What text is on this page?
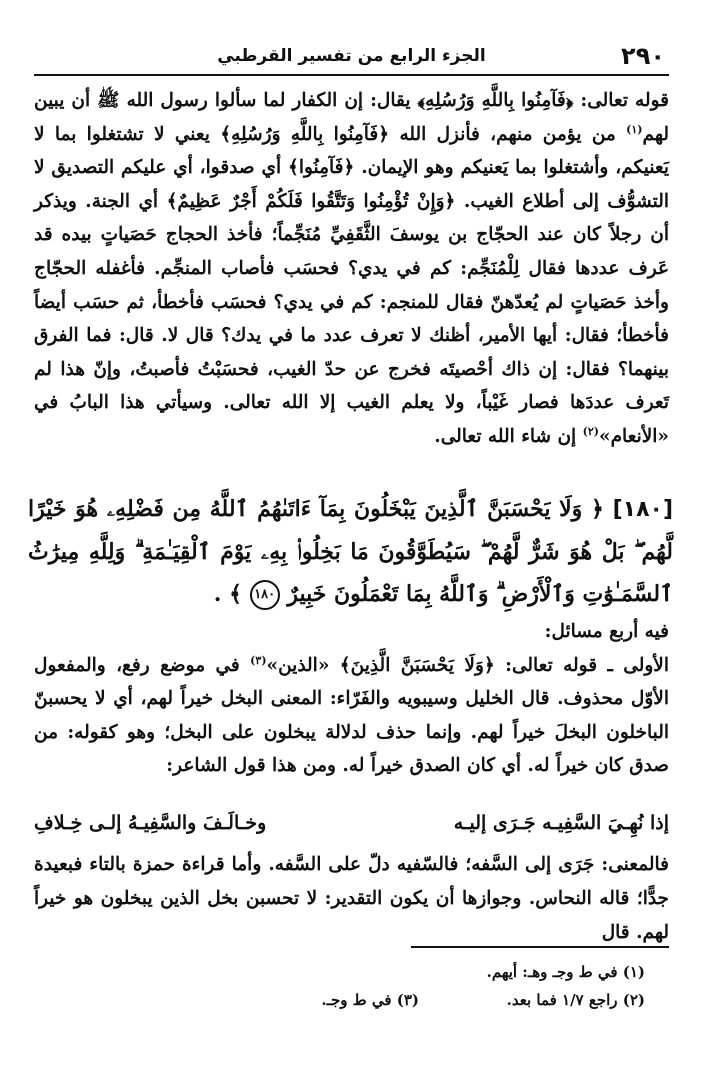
٢٩٠
الجزء الرابع من تفسير القرطبي

قوله تعالى: ﴿فَآمِنُوا بِاللَّهِ وَرُسُلِهِ﴾ يقال: إن الكفار لما سألوا رسول الله ﷺ أن يبين لهم$^{(١)}$ من يؤمن منهم، فأنزل الله ﴿فَآمِنُوا بِاللَّهِ وَرُسُلِهِ﴾ يعني لا تشتغلوا بما لا يَعنيكم، وأشتغلوا بما يَعنيكم وهو الإيمان. ﴿فَآمِنُوا﴾ أي صدقوا، أي عليكم التصديق لا التشوُّف إلى أطلاع الغيب. ﴿وَإِنْ تُؤْمِنُوا وَتَتَّقُوا فَلَكُمْ أَجْرٌ عَظِيمٌ﴾ أي الجنة. ويذكر أن رجلاً كان عند الحجّاج بن يوسفَ الثَّقَفِيِّ مُنَجِّماً؛ فأخذ الحجاج حَصَياتٍ بيده قد عَرف عددها فقال لِلْمُنَجِّم: كم في يدي؟ فحسَب فأصاب المنجِّم. فأغفله الحجّاج وأخذ حَصَياتٍ لم يُعدّهنّ فقال للمنجم: كم في يدي؟ فحسَب فأخطأ، ثم حسَب أيضاً فأخطأ؛ فقال: أيها الأمير، أظنك لا تعرف عدد ما في يدك؟ قال لا. قال: فما الفرق بينهما؟ فقال: إن ذاك أحْصيتَه فخرج عن حدّ الغيب، فحسَبْتُ فأصبتُ، وإنّ هذا لم تَعرف عددَها فصار غَيْباً، ولا يعلم الغيب إلا الله تعالى. وسيأتي هذا البابُ في «الأنعام»$^{(٢)}$ إن شاء الله تعالى.

[١٨٠] ﴿ وَلَا يَحْسَبَنَّ ٱلَّذِينَ يَبْخَلُونَ بِمَآ ءَاتَىٰهُمُ ٱللَّهُ مِن فَضْلِهِۦ هُوَ خَيْرًا لَّهُم ۖ بَلْ هُوَ شَرٌّ لَّهُمْ ۖ سَيُطَوَّقُونَ مَا بَخِلُوا۟ بِهِۦ يَوْمَ ٱلْقِيَـٰمَةِ ۗ وَلِلَّهِ مِيرَٰثُ ٱلسَّمَـٰوَٰتِ وَٱلْأَرْضِ ۗ وَٱللَّهُ بِمَا تَعْمَلُونَ خَبِيرٌ ١٨٠ ﴾ .

فيه أربع مسائل:

الأولى ـ قوله تعالى: ﴿وَلَا يَحْسَبَنَّ الَّذِينَ﴾ «الذين»$^{(٣)}$ في موضع رفع، والمفعول الأوّل محذوف. قال الخليل وسيبويه والفَرّاء: المعنى البخل خيراً لهم، أي لا يحسبنّ الباخلون البخلَ خيراً لهم. وإنما حذف لدلالة يبخلون على البخل؛ وهو كقوله: من صدق كان خيراً له. أي كان الصدق خيراً له. ومن هذا قول الشاعر:

إذا نُهِـيَ السَّفِيـه جَـرَى إليـه
وخـالَـفَ والسَّفِيـهُ إلـى خِـلافِ

فالمعنى: جَرَى إلى السَّفه؛ فالسّفيه دلّ على السَّفه. وأما قراءة حمزة بالتاء فبعيدة جدًّا؛ قاله النحاس. وجوازها أن يكون التقدير: لا تحسبن بخل الذين يبخلون هو خيراً لهم. قال

(١) في ط وجـ وهـ: أيهم.
(٢) راجع ١/٧ فما بعد.
(٣) في ط وجـ.
